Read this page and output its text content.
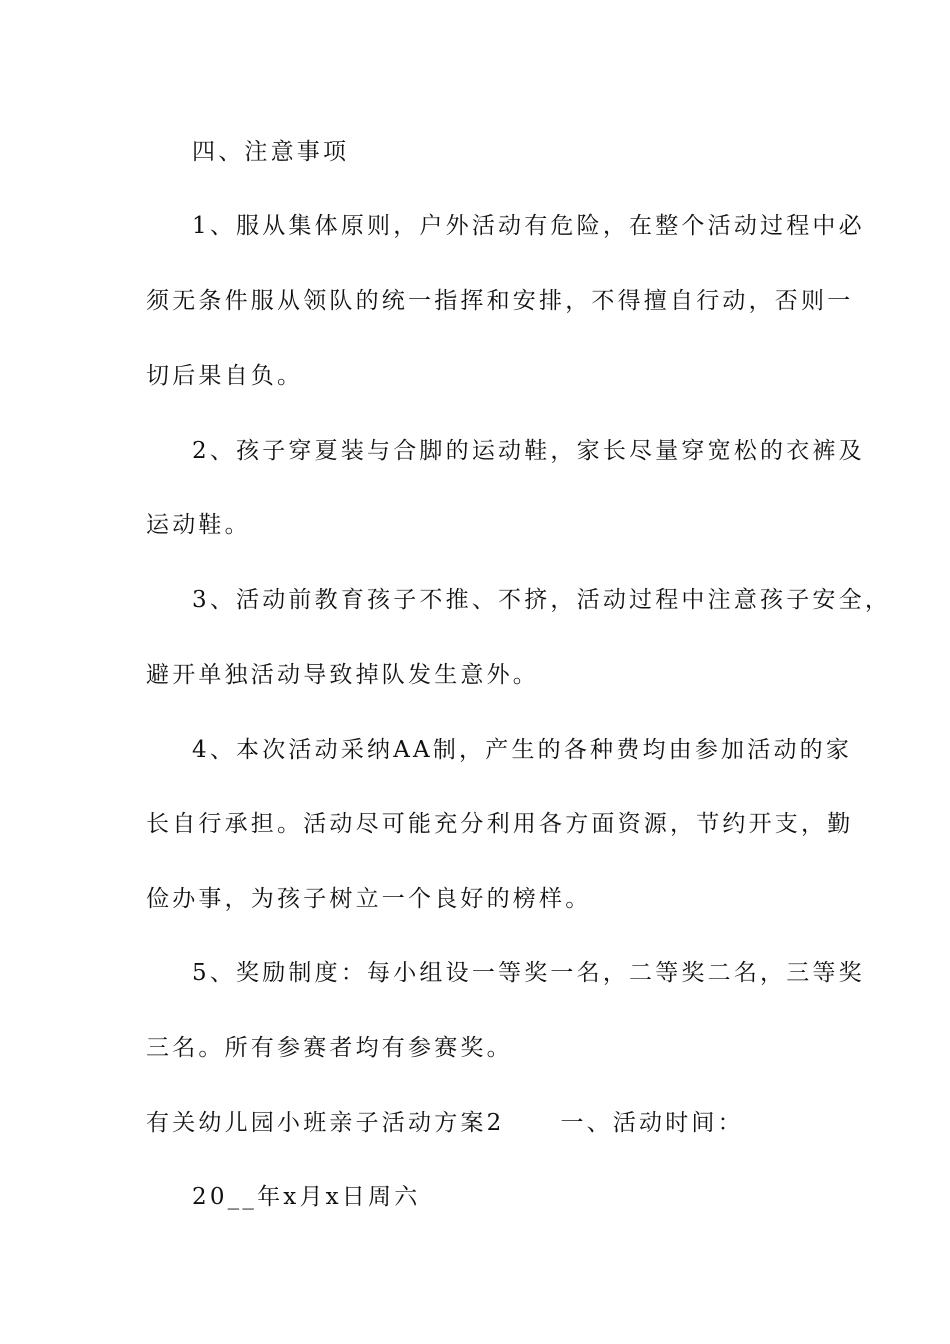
四、注意事项
1、服从集体原则，户外活动有危险，在整个活动过程中必
须无条件服从领队的统一指挥和安排，不得擅自行动，否则一
切后果自负。
2、孩子穿夏装与合脚的运动鞋，家长尽量穿宽松的衣裤及
运动鞋。
3、活动前教育孩子不推、不挤，活动过程中注意孩子安全，
避开单独活动导致掉队发生意外。
4、本次活动采纳AA制，产生的各种费均由参加活动的家
长自行承担。活动尽可能充分利用各方面资源，节约开支，勤
俭办事，为孩子树立一个良好的榜样。
5、奖励制度：每小组设一等奖一名，二等奖二名，三等奖
三名。所有参赛者均有参赛奖。
有关幼儿园小班亲子活动方案2 一、活动时间：
20__年x月x日周六
